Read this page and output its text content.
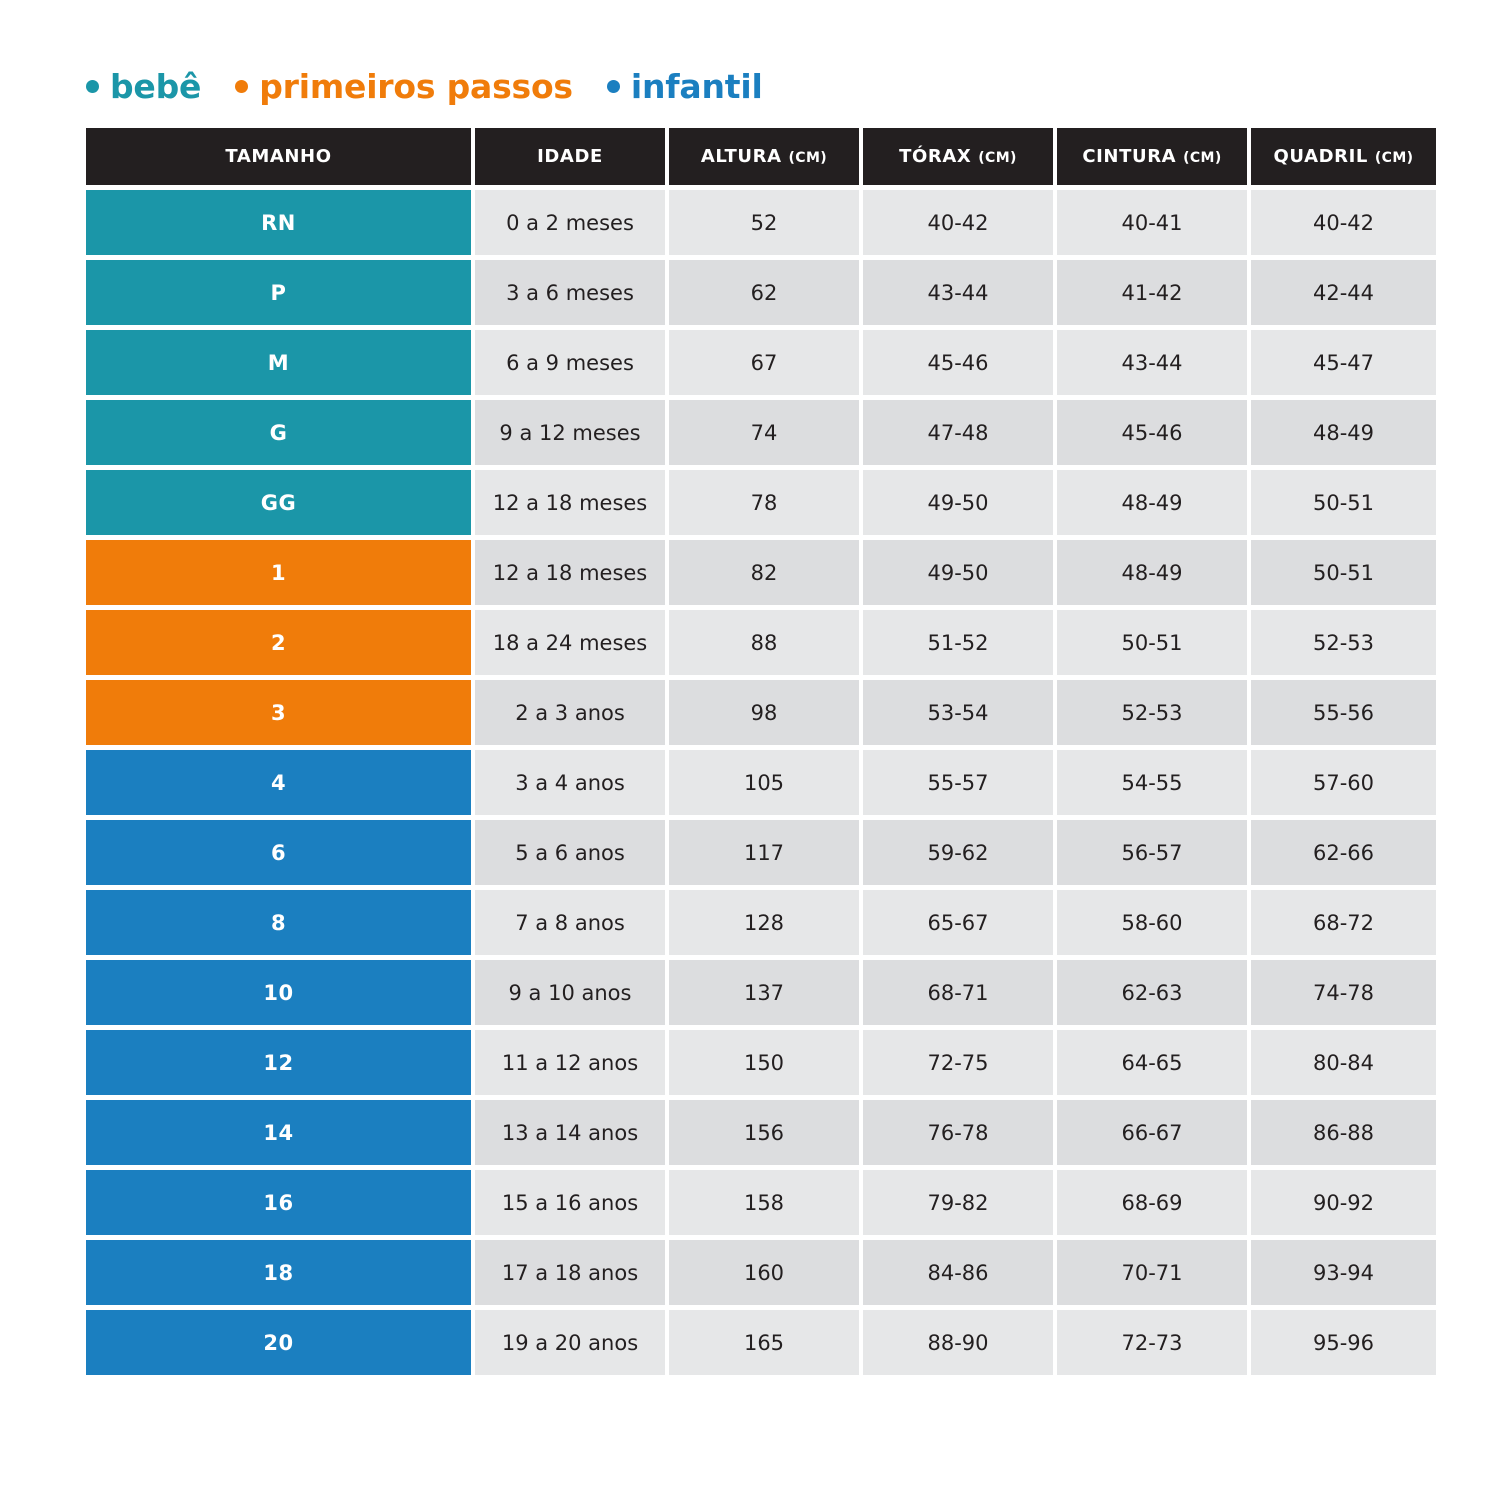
bebê primeiros passos infantil
TAMANHO	IDADE	ALTURA (CM)	TÓRAX (CM)	CINTURA (CM)	QUADRIL (CM)
RN	0 a 2 meses	52	40-42	40-41	40-42
P	3 a 6 meses	62	43-44	41-42	42-44
M	6 a 9 meses	67	45-46	43-44	45-47
G	9 a 12 meses	74	47-48	45-46	48-49
GG	12 a 18 meses	78	49-50	48-49	50-51
1	12 a 18 meses	82	49-50	48-49	50-51
2	18 a 24 meses	88	51-52	50-51	52-53
3	2 a 3 anos	98	53-54	52-53	55-56
4	3 a 4 anos	105	55-57	54-55	57-60
6	5 a 6 anos	117	59-62	56-57	62-66
8	7 a 8 anos	128	65-67	58-60	68-72
10	9 a 10 anos	137	68-71	62-63	74-78
12	11 a 12 anos	150	72-75	64-65	80-84
14	13 a 14 anos	156	76-78	66-67	86-88
16	15 a 16 anos	158	79-82	68-69	90-92
18	17 a 18 anos	160	84-86	70-71	93-94
20	19 a 20 anos	165	88-90	72-73	95-96
